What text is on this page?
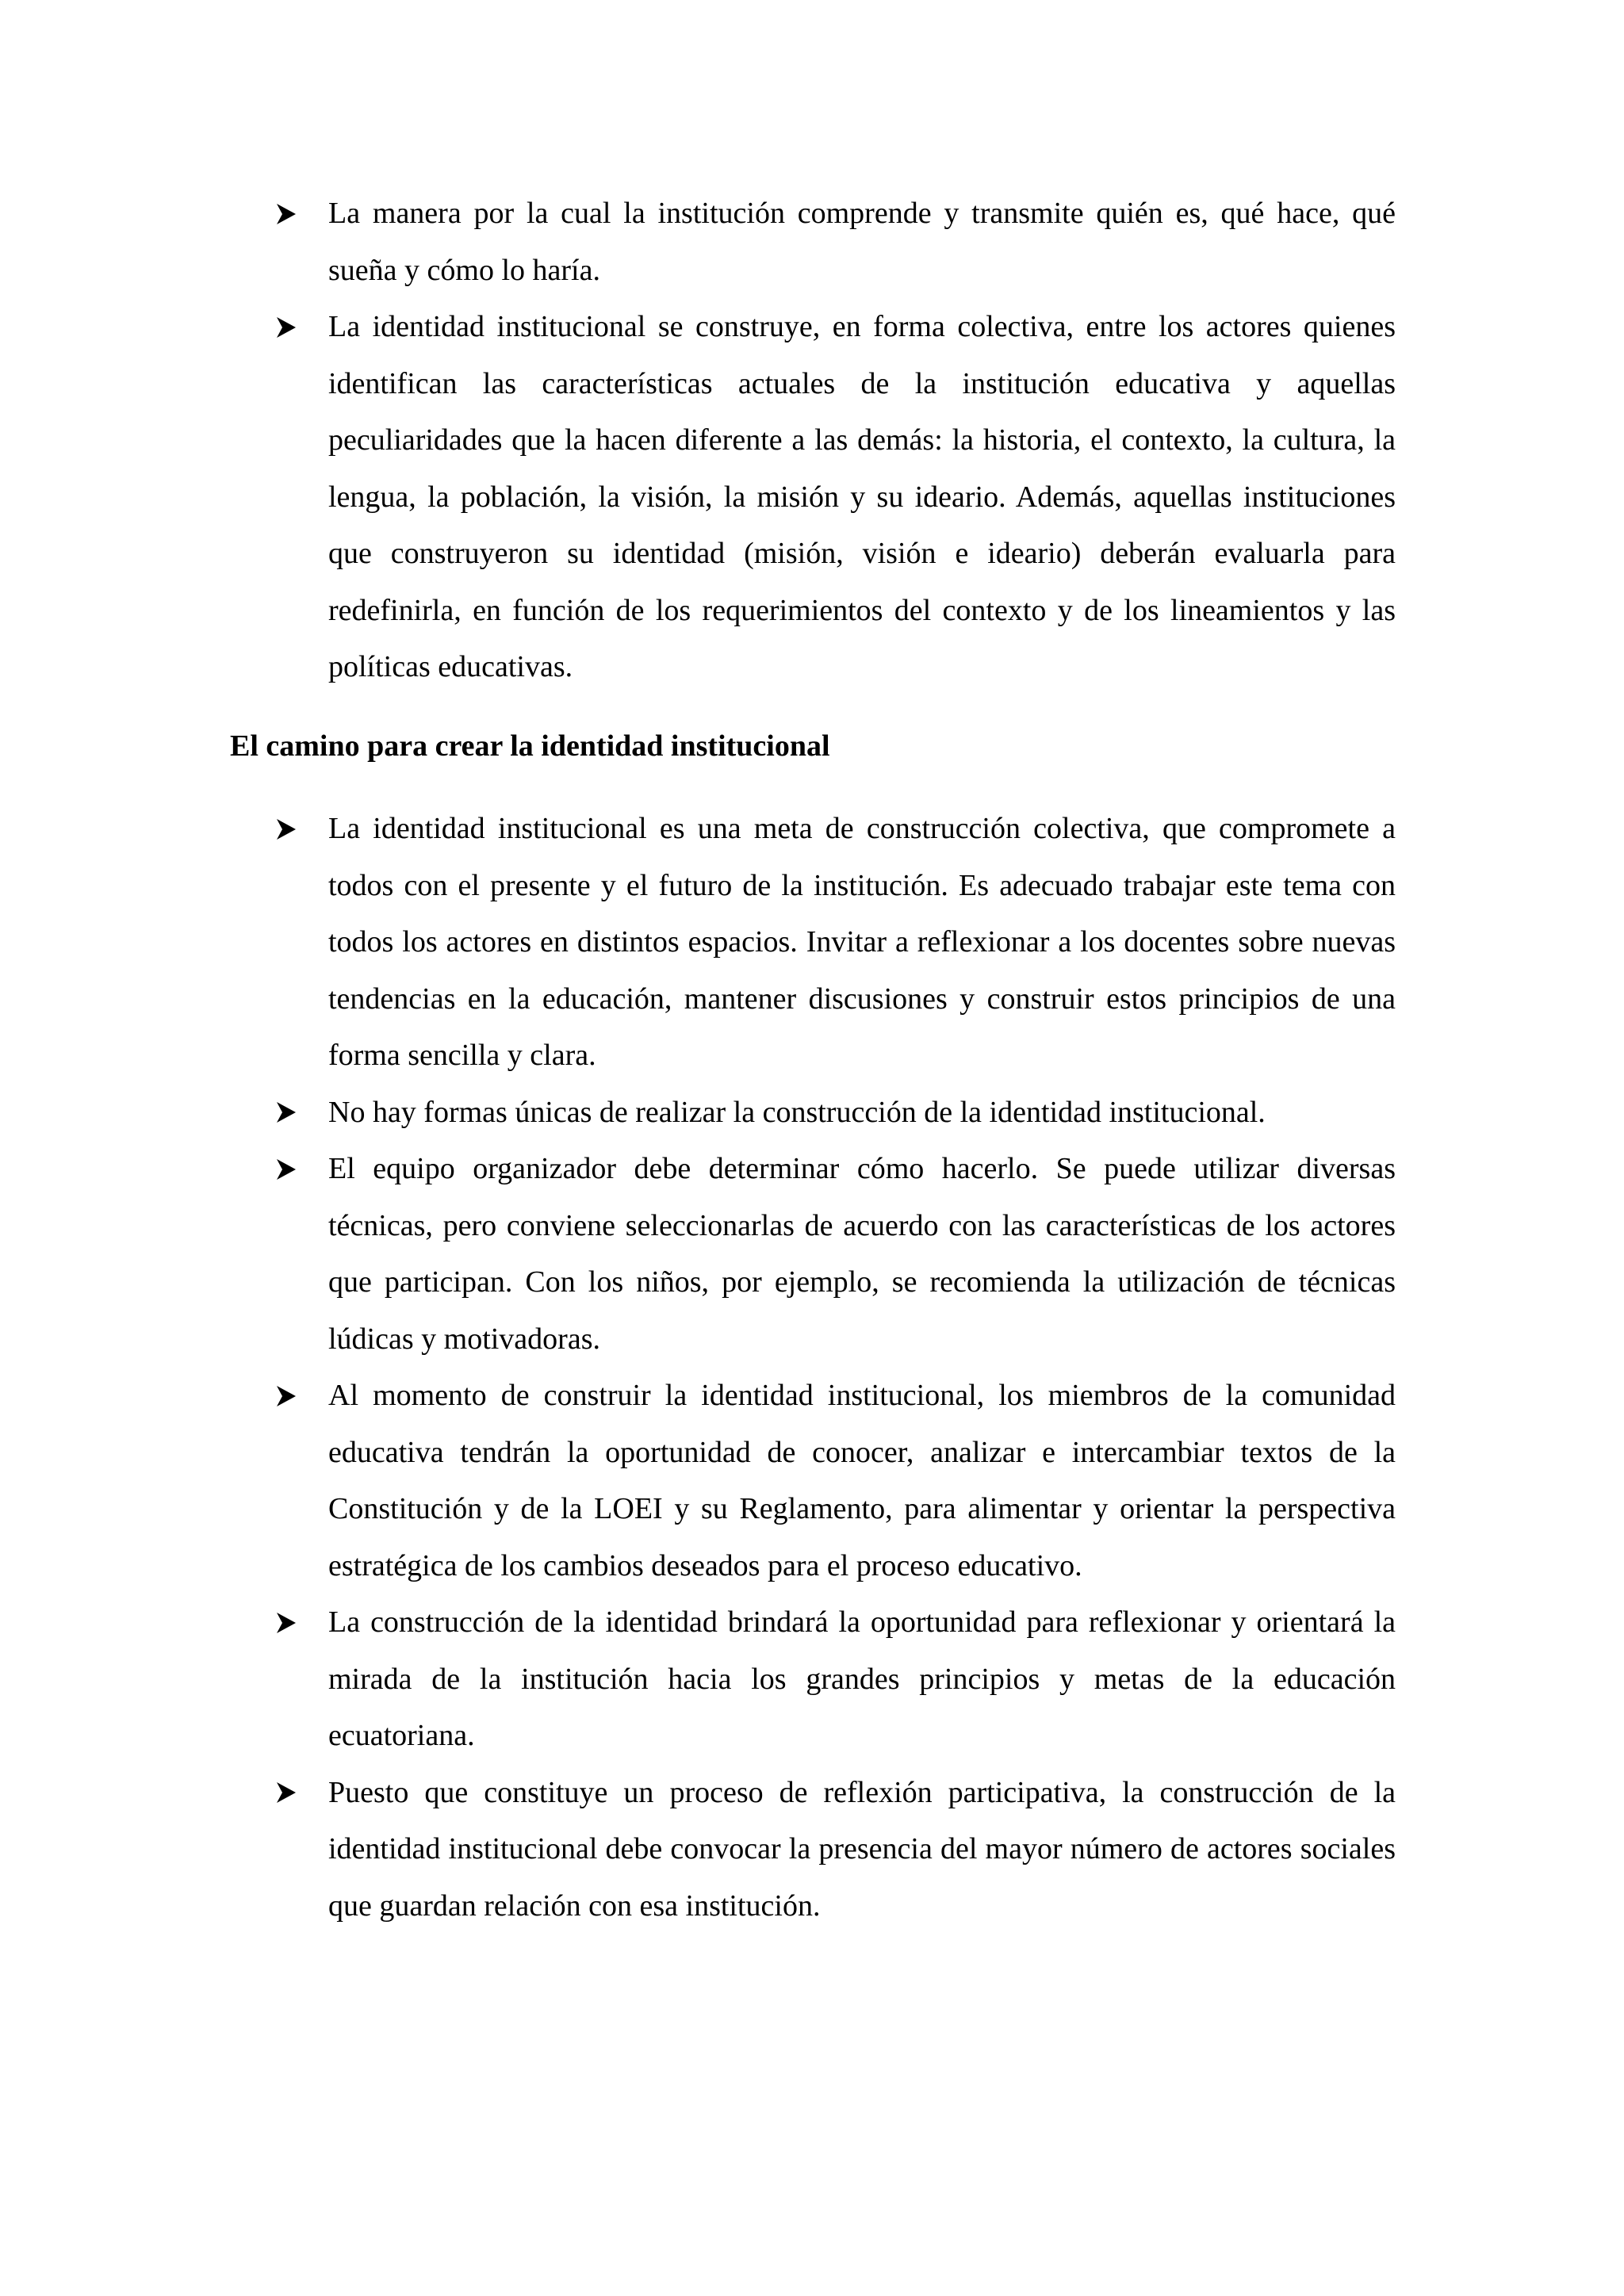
La manera por la cual la institución comprende y transmite quién es, qué hace, qué sueña y cómo lo haría.
La identidad institucional se construye, en forma colectiva, entre los actores quienes identifican las características actuales de la institución educativa y aquellas peculiaridades que la hacen diferente a las demás: la historia, el contexto, la cultura, la lengua, la población, la visión, la misión y su ideario. Además, aquellas instituciones que construyeron su identidad (misión, visión e ideario) deberán evaluarla para redefinirla, en función de los requerimientos del contexto y de los lineamientos y las políticas educativas.

El camino para crear la identidad institucional

La identidad institucional es una meta de construcción colectiva, que compromete a todos con el presente y el futuro de la institución. Es adecuado trabajar este tema con todos los actores en distintos espacios. Invitar a reflexionar a los docentes sobre nuevas tendencias en la educación, mantener discusiones y construir estos principios de una forma sencilla y clara.
No hay formas únicas de realizar la construcción de la identidad institucional.
El equipo organizador debe determinar cómo hacerlo. Se puede utilizar diversas técnicas, pero conviene seleccionarlas de acuerdo con las características de los actores que participan. Con los niños, por ejemplo, se recomienda la utilización de técnicas lúdicas y motivadoras.
Al momento de construir la identidad institucional, los miembros de la comunidad educativa tendrán la oportunidad de conocer, analizar e intercambiar textos de la Constitución y de la LOEI y su Reglamento, para alimentar y orientar la perspectiva estratégica de los cambios deseados para el proceso educativo.
La construcción de la identidad brindará la oportunidad para reflexionar y orientará la mirada de la institución hacia los grandes principios y metas de la educación ecuatoriana.
Puesto que constituye un proceso de reflexión participativa, la construcción de la identidad institucional debe convocar la presencia del mayor número de actores sociales que guardan relación con esa institución.
